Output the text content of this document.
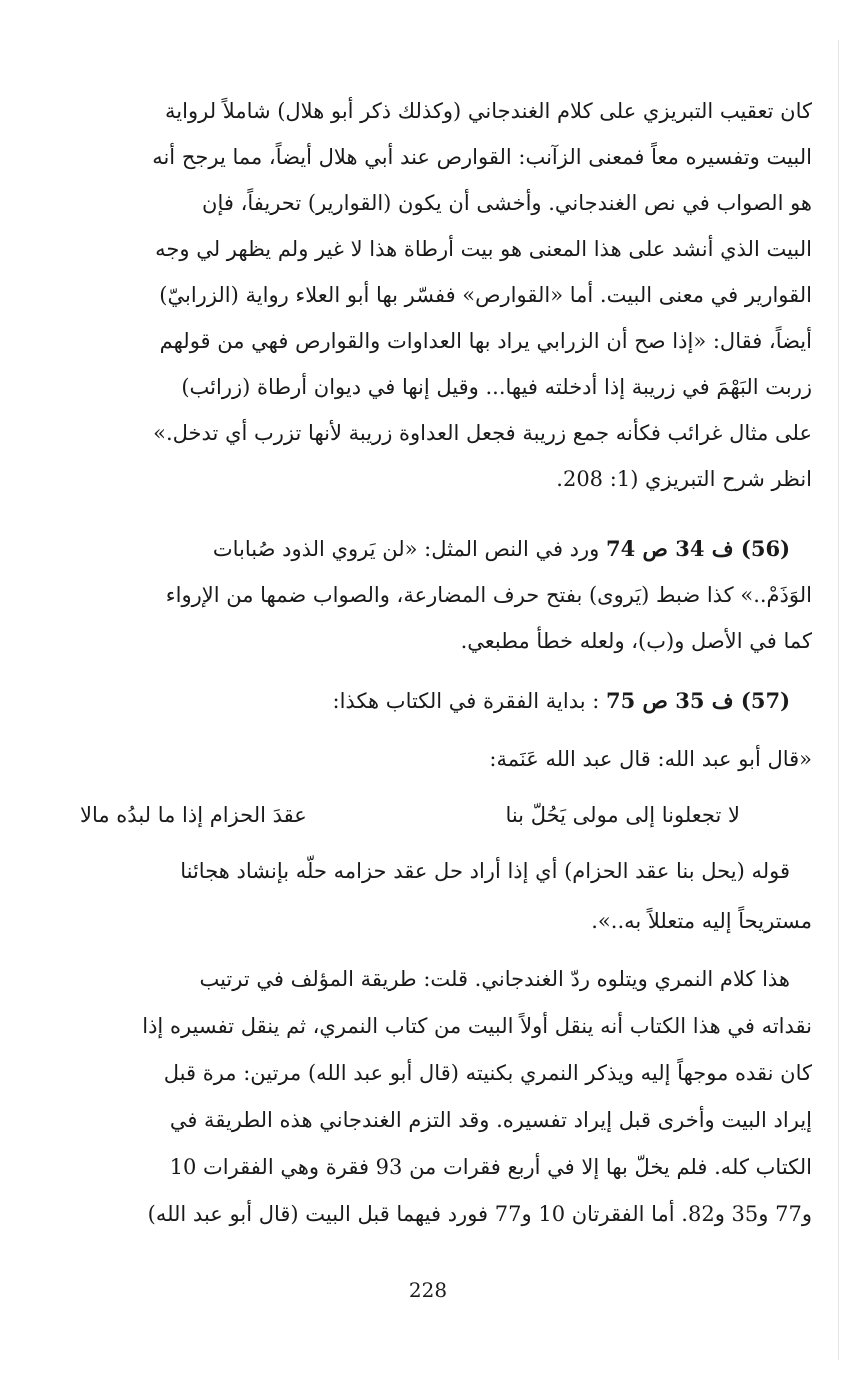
كان تعقيب التبريزي على كلام الغندجاني (وكذلك ذكر أبو هلال) شاملاً لرواية
البيت وتفسيره معاً فمعنى الزآنب: القوارص عند أبي هلال أيضاً، مما يرجح أنه
هو الصواب في نص الغندجاني. وأخشى أن يكون (القوارير) تحريفاً، فإن
البيت الذي أنشد على هذا المعنى هو بيت أرطاة هذا لا غير ولم يظهر لي وجه
القوارير في معنى البيت. أما «القوارص» ففسّر بها أبو العلاء رواية (الزرابيّ)
أيضاً، فقال: «إذا صح أن الزرابي يراد بها العداوات والقوارص فهي من قولهم
زربت البَهْمَ في زريبة إذا أدخلته فيها... وقيل إنها في ديوان أرطاة (زرائب)
على مثال غرائب فكأنه جمع زريبة فجعل العداوة زريبة لأنها تزرب أي تدخل.»
انظر شرح التبريزي (1: 208.
(56) ف 34 ص 74 ورد في النص المثل: «لن يَروي الذود صُبابات
الوَذَمْ..» كذا ضبط (يَروى) بفتح حرف المضارعة، والصواب ضمها من الإرواء
كما في الأصل و(ب)، ولعله خطأ مطبعي.
(57) ف 35 ص 75 : بداية الفقرة في الكتاب هكذا:
«قال أبو عبد الله: قال عبد الله عَنَمة:
لا تجعلونا إلى مولى يَحُلّ بنا
عقدَ الحزام إذا ما لبدُه مالا
قوله (يحل بنا عقد الحزام) أي إذا أراد حل عقد حزامه حلّه بإنشاد هجائنا
مستريحاً إليه متعللاً به..».
هذا كلام النمري ويتلوه ردّ الغندجاني. قلت: طريقة المؤلف في ترتيب
نقداته في هذا الكتاب أنه ينقل أولاً البيت من كتاب النمري، ثم ينقل تفسيره إذا
كان نقده موجهاً إليه ويذكر النمري بكنيته (قال أبو عبد الله) مرتين: مرة قبل
إيراد البيت وأخرى قبل إيراد تفسيره. وقد التزم الغندجاني هذه الطريقة في
الكتاب كله. فلم يخلّ بها إلا في أربع فقرات من 93 فقرة وهي الفقرات 10
و77 و35 و82. أما الفقرتان 10 و77 فورد فيهما قبل البيت (قال أبو عبد الله)
228
